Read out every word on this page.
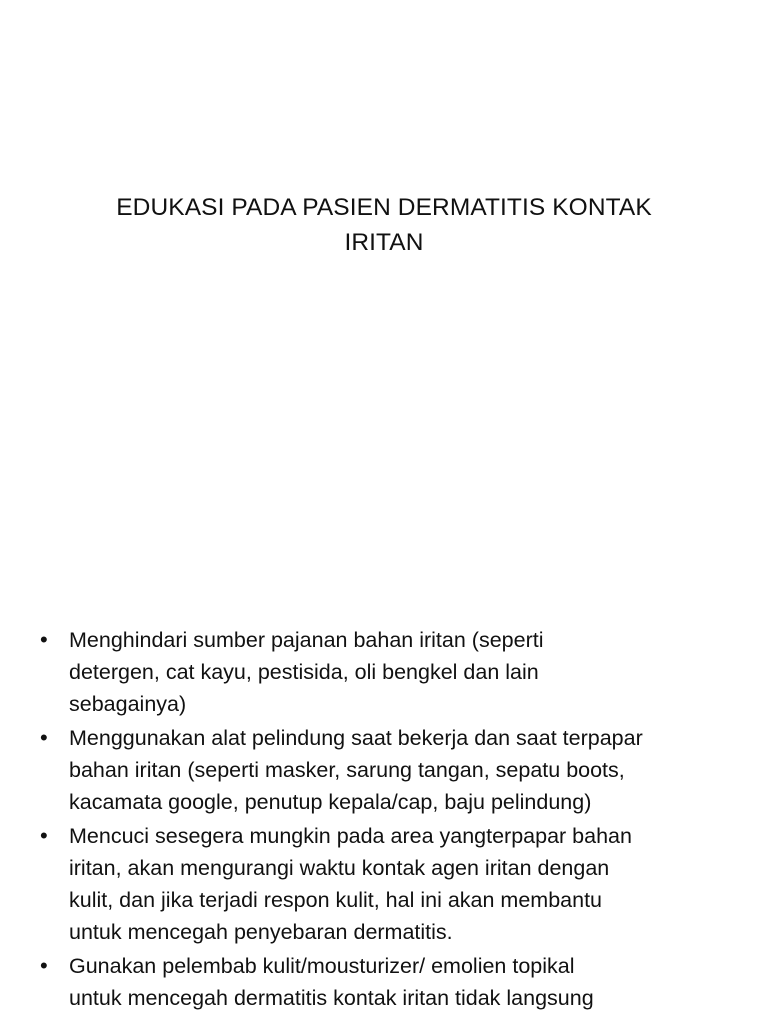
EDUKASI PADA PASIEN DERMATITIS KONTAK
IRITAN
• Menghindari sumber pajanan bahan iritan (seperti
detergen, cat kayu, pestisida, oli bengkel dan lain
sebagainya)
• Menggunakan alat pelindung saat bekerja dan saat terpapar
bahan iritan (seperti masker, sarung tangan, sepatu boots,
kacamata google, penutup kepala/cap, baju pelindung)
• Mencuci sesegera mungkin pada area yangterpapar bahan
iritan, akan mengurangi waktu kontak agen iritan dengan
kulit, dan jika terjadi respon kulit, hal ini akan membantu
untuk mencegah penyebaran dermatitis.
• Gunakan pelembab kulit/mousturizer/ emolien topikal
untuk mencegah dermatitis kontak iritan tidak langsung
